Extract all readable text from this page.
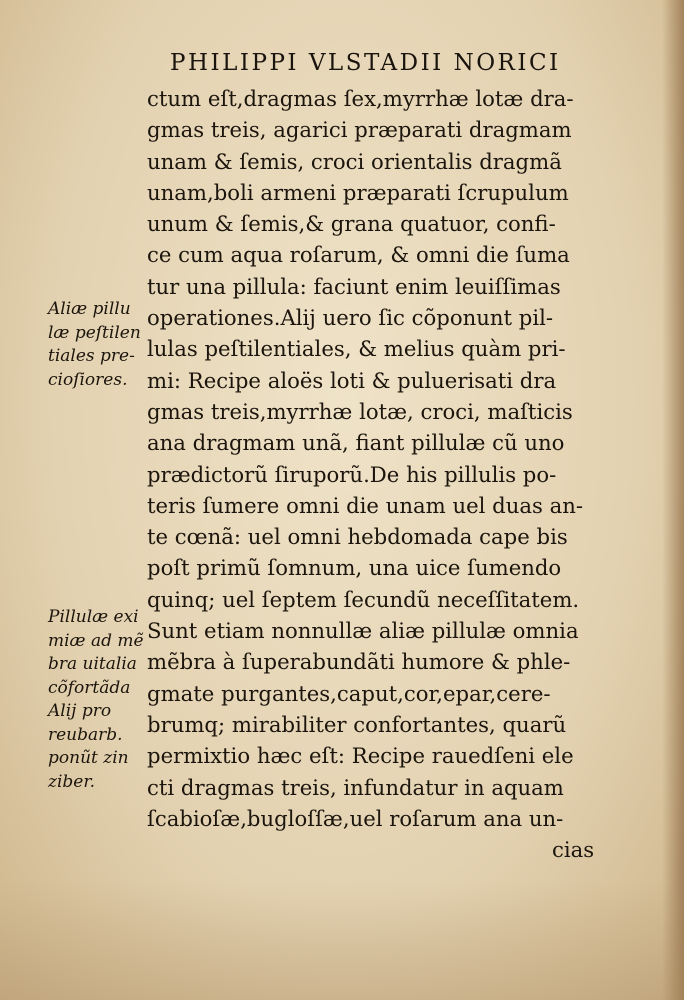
PHILIPPI VLSTADII NORICI
ctum eſt,dragmas ſex,myrrhæ lotæ dra-
gmas treis, agarici præparati dragmam
unam & ſemis, croci orientalis dragmã
unam,boli armeni præparati ſcrupulum
unum & ſemis,& grana quatuor, confi-
ce cum aqua roſarum, & omni die ſuma
tur una pillula: faciunt enim leuiſſimas
operationes.Alij uero ſic cõponunt pil-
lulas peſtilentiales, & melius quàm pri-
mi: Recipe aloës loti & puluerisati dra
gmas treis,myrrhæ lotæ, croci, maſticis
ana dragmam unã, fiant pillulæ cũ uno
prædictorũ ſiruporũ.De his pillulis po-
teris ſumere omni die unam uel duas an-
te cœnã: uel omni hebdomada cape bis
poſt primũ ſomnum, una uice ſumendo
quinq; uel ſeptem ſecundũ neceſſitatem.
Sunt etiam nonnullæ aliæ pillulæ omnia
mẽbra à ſuperabundãti humore & phle-
gmate purgantes,caput,cor,epar,cere-
brumq; mirabiliter confortantes, quarũ
permixtio hæc eſt: Recipe rauedſeni ele
cti dragmas treis, infundatur in aquam
ſcabioſæ,bugloſſæ,uel roſarum ana un-
cias
Aliæ pillu
læ peſtilen
tiales pre-
cioſiores.
Pillulæ exi
miæ ad mẽ
bra uitalia
cõfortãda
Alij pro
reubarb.
ponũt zin
ziber.
